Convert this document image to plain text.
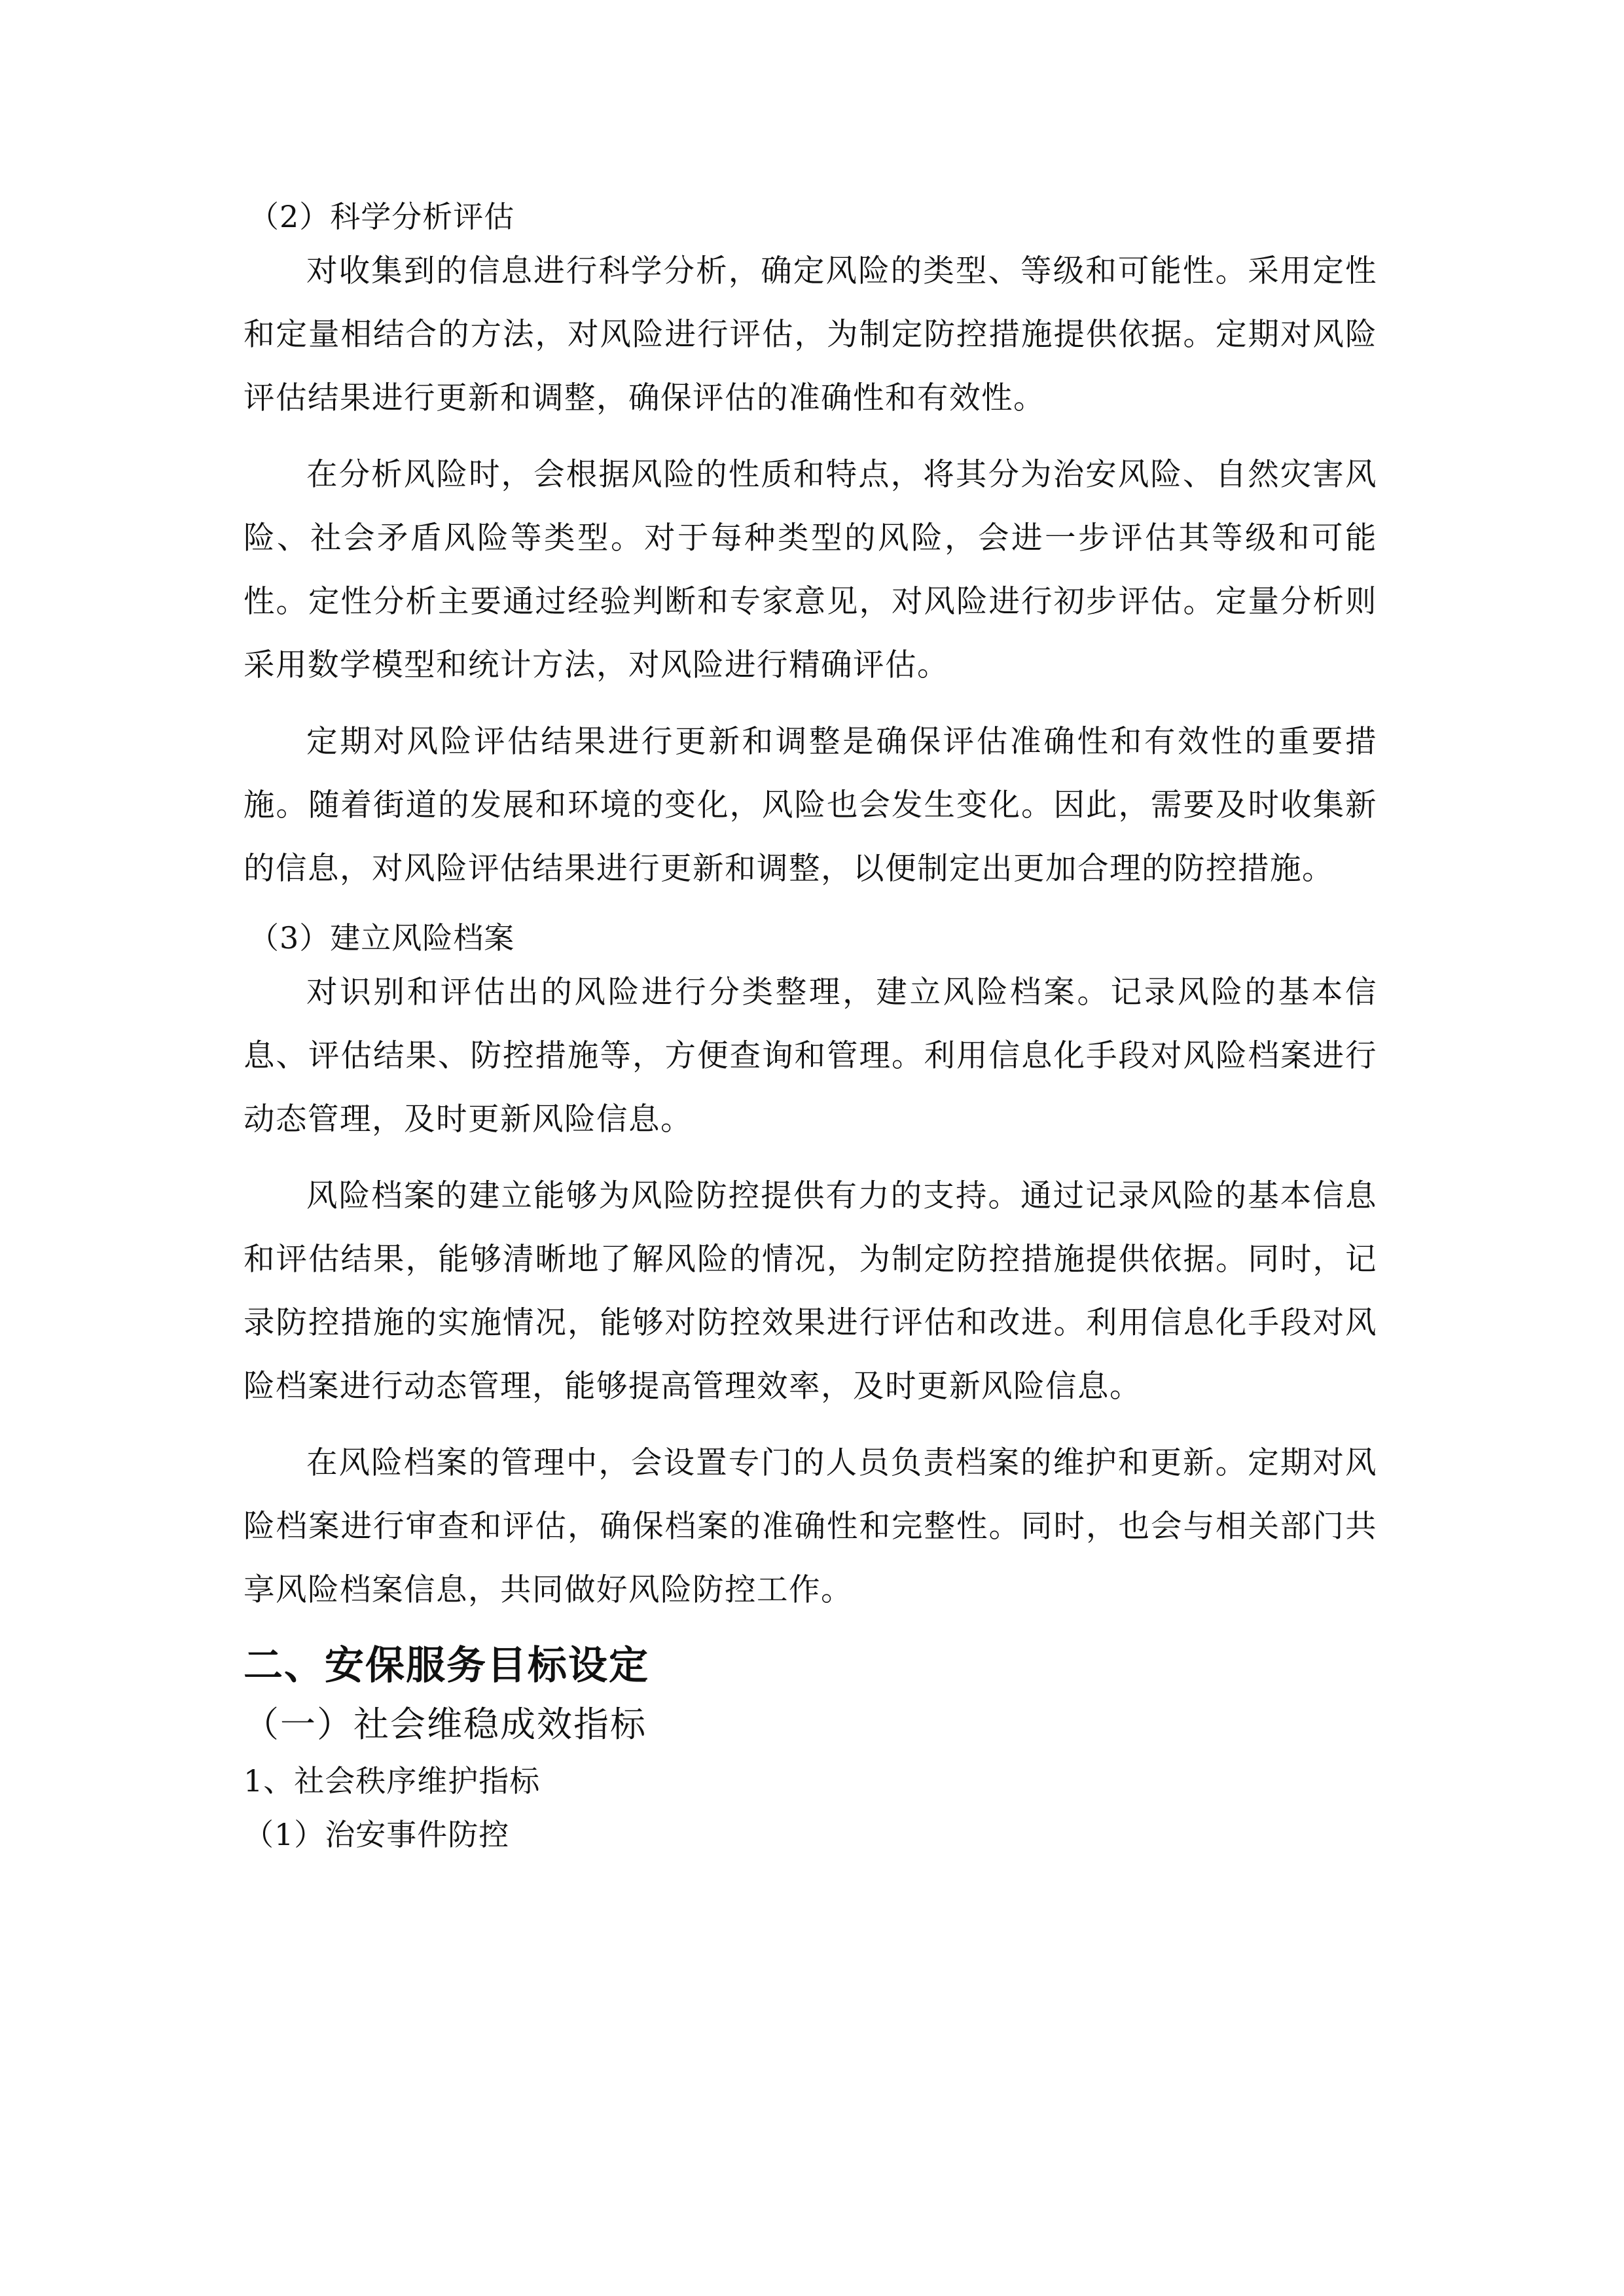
（2）科学分析评估

对收集到的信息进行科学分析，确定风险的类型、等级和可能性。采用定性和定量相结合的方法，对风险进行评估，为制定防控措施提供依据。定期对风险评估结果进行更新和调整，确保评估的准确性和有效性。

在分析风险时，会根据风险的性质和特点，将其分为治安风险、自然灾害风险、社会矛盾风险等类型。对于每种类型的风险，会进一步评估其等级和可能性。定性分析主要通过经验判断和专家意见，对风险进行初步评估。定量分析则采用数学模型和统计方法，对风险进行精确评估。

定期对风险评估结果进行更新和调整是确保评估准确性和有效性的重要措施。随着街道的发展和环境的变化，风险也会发生变化。因此，需要及时收集新的信息，对风险评估结果进行更新和调整，以便制定出更加合理的防控措施。

（3）建立风险档案

对识别和评估出的风险进行分类整理，建立风险档案。记录风险的基本信息、评估结果、防控措施等，方便查询和管理。利用信息化手段对风险档案进行动态管理，及时更新风险信息。

风险档案的建立能够为风险防控提供有力的支持。通过记录风险的基本信息和评估结果，能够清晰地了解风险的情况，为制定防控措施提供依据。同时，记录防控措施的实施情况，能够对防控效果进行评估和改进。利用信息化手段对风险档案进行动态管理，能够提高管理效率，及时更新风险信息。

在风险档案的管理中，会设置专门的人员负责档案的维护和更新。定期对风险档案进行审查和评估，确保档案的准确性和完整性。同时，也会与相关部门共享风险档案信息，共同做好风险防控工作。

二、安保服务目标设定

（一）社会维稳成效指标

1、社会秩序维护指标

（1）治安事件防控
